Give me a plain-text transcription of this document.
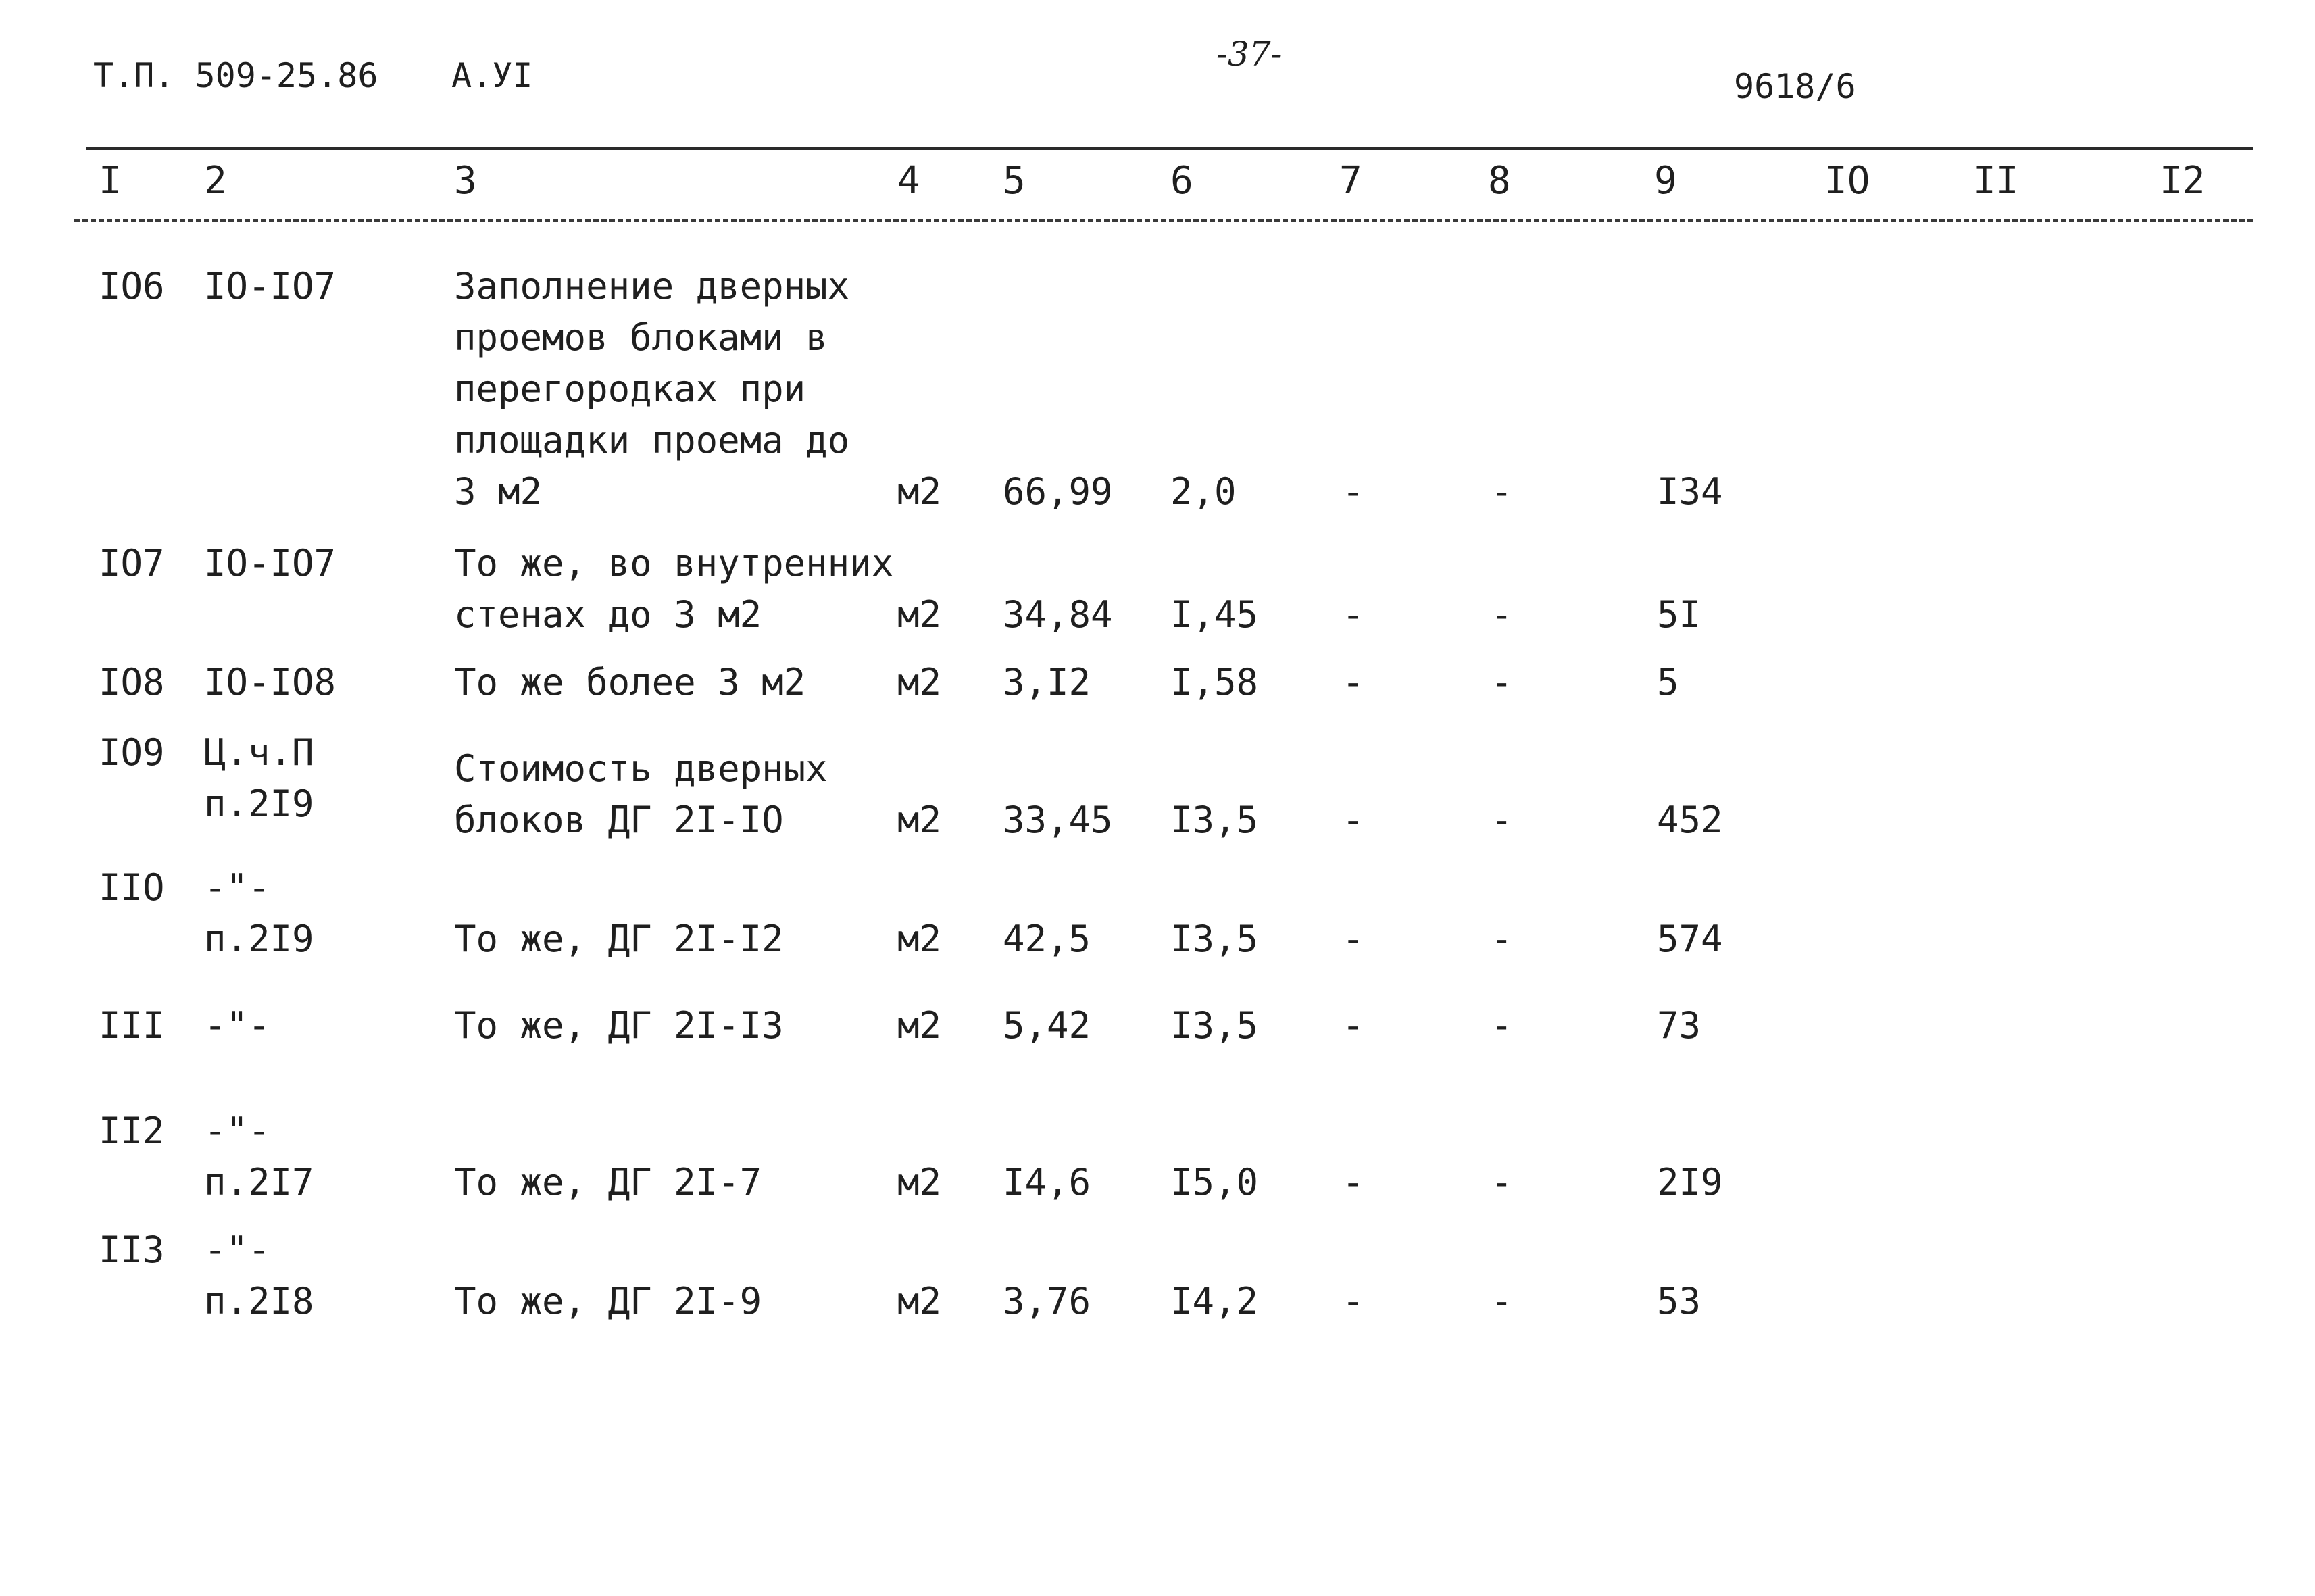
Т.П. 509-25.86 А.УI
-37-
9618/6
I 2	3	4 5	6	7	8	9	IO	II	I2
IO6 IO-IO7	Заполнение дверных
проемов блоками в
перегородках при
площадки проема до
3 м2	м2 66,99 2,0	-	-	I34
IO7 IO-IO7	То же, во внутренних
стенах до 3 м2	м2 34,84 I,45 -	-	5I
IO8 IO-IO8	То же более 3 м2	м2 3,I2 I,58 -	-	5
IO9 Ц.ч.П
п.2I9
Стоимость дверных
блоков ДГ 2I-IO	м2 33,45 I3,5 -	-	452
IIO -"-
п.2I9	То же, ДГ 2I-I2	м2 42,5 I3,5 -	-	574
III -"-	То же, ДГ 2I-I3	м2 5,42 I3,5 -	-	73
II2 -"-
п.2I7	То же, ДГ 2I-7	м2 I4,6 I5,0 -	-	2I9
II3 -"-
п.2I8	То же, ДГ 2I-9	м2 3,76 I4,2 -	-	53
